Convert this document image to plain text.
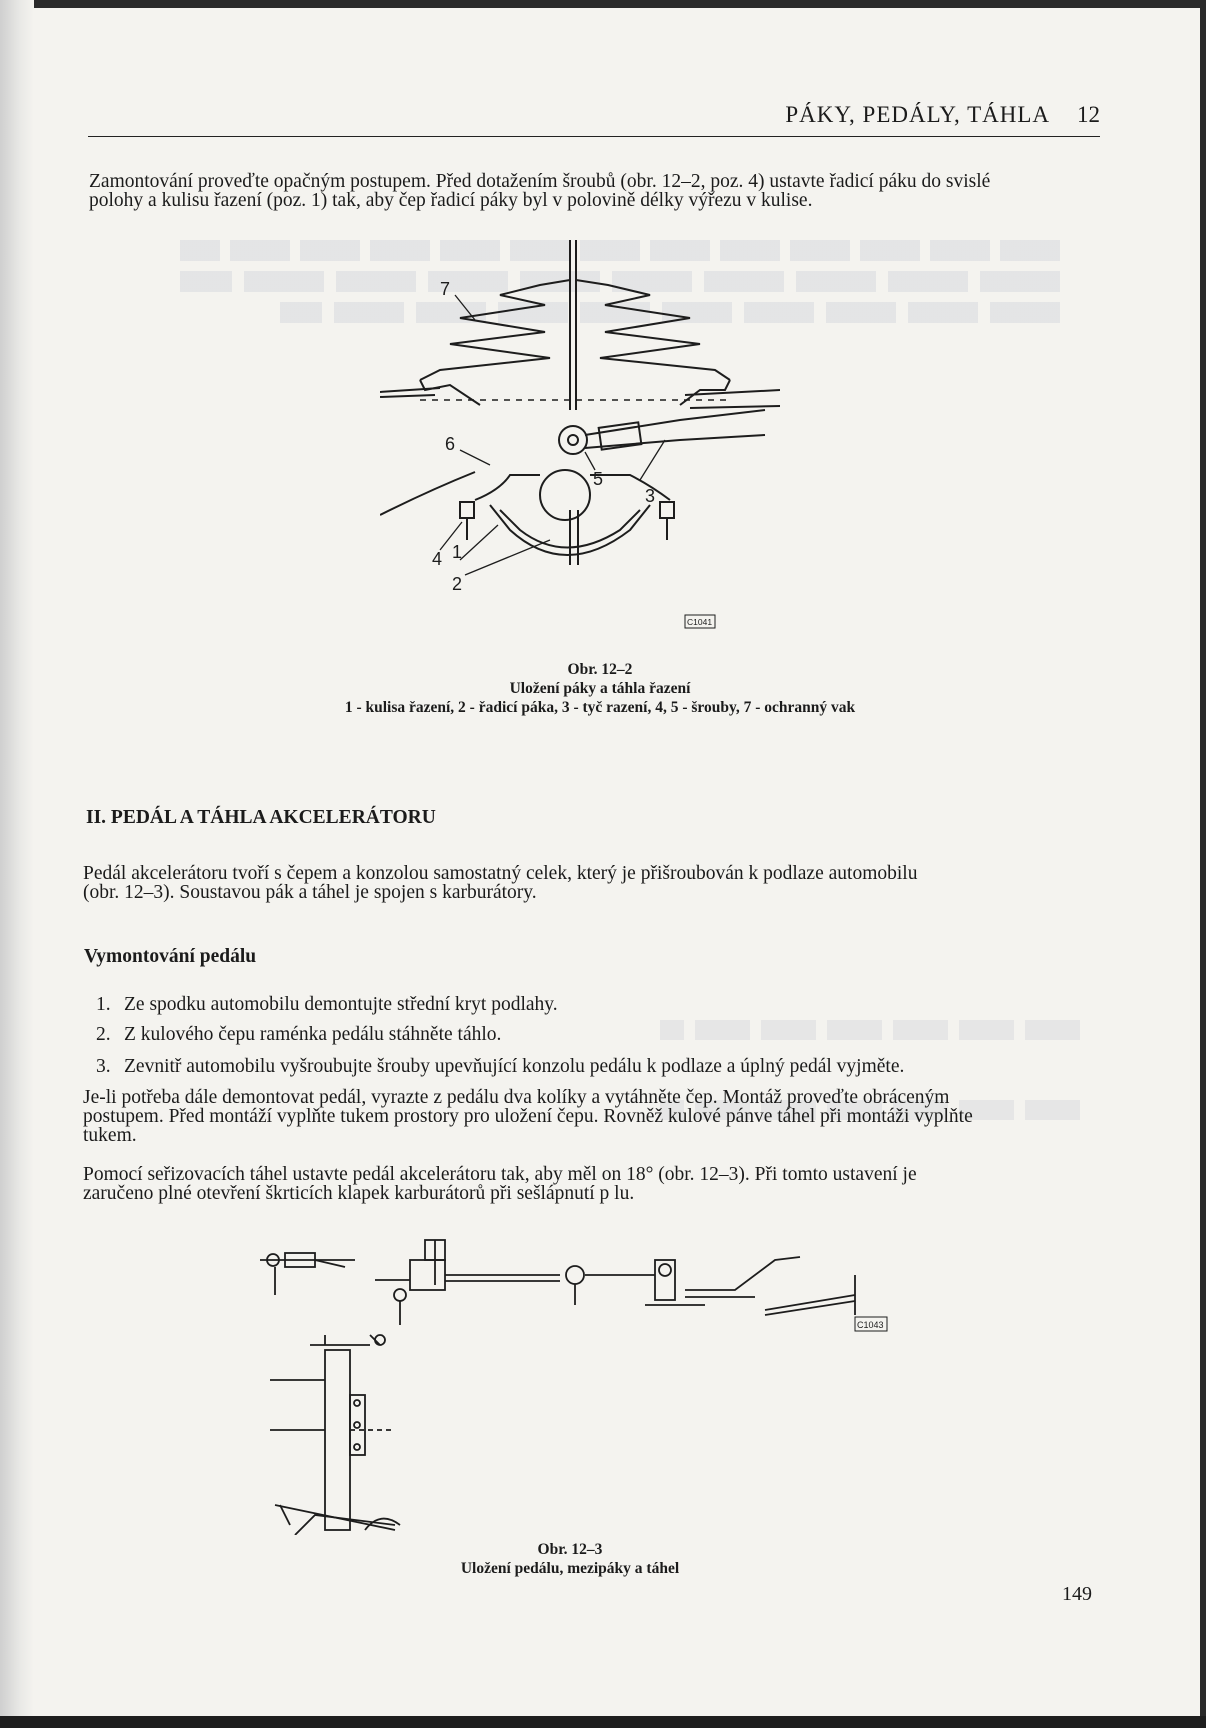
PÁKY, PEDÁLY, TÁHLA 12
Zamontování proveďte opačným postupem. Před dotažením šroubů (obr. 12–2, poz. 4) ustavte řadicí páku do svislé
polohy a kulisu řazení (poz. 1) tak, aby čep řadicí páky byl v polovině délky výřezu v kulise.
7
6
5
3
4 1
2
C1041
Obr. 12–2
Uložení páky a táhla řazení
1 - kulisa řazení, 2 - řadicí páka, 3 - tyč razení, 4, 5 - šrouby, 7 - ochranný vak
II. PEDÁL A TÁHLA AKCELERÁTORU
Pedál akcelerátoru tvoří s čepem a konzolou samostatný celek, který je přišroubován k podlaze automobilu
(obr. 12–3). Soustavou pák a táhel je spojen s karburátory.
Vymontování pedálu
1. Ze spodku automobilu demontujte střední kryt podlahy.
2. Z kulového čepu raménka pedálu stáhněte táhlo.
3. Zevnitř automobilu vyšroubujte šrouby upevňující konzolu pedálu k podlaze a úplný pedál vyjměte.
Je-li potřeba dále demontovat pedál, vyrazte z pedálu dva kolíky a vytáhněte čep. Montáž proveďte obráceným
postupem. Před montáží vyplňte tukem prostory pro uložení čepu. Rovněž kulové pánve táhel při montáži vyplňte
tukem.
Pomocí seřizovacích táhel ustavte pedál akcelerátoru tak, aby měl on 18° (obr. 12–3). Při tomto ustavení je
zaručeno plné otevření škrticích klapek karburátorů při sešlápnutí p lu.
C1043
Obr. 12–3
Uložení pedálu, mezipáky a táhel
149
